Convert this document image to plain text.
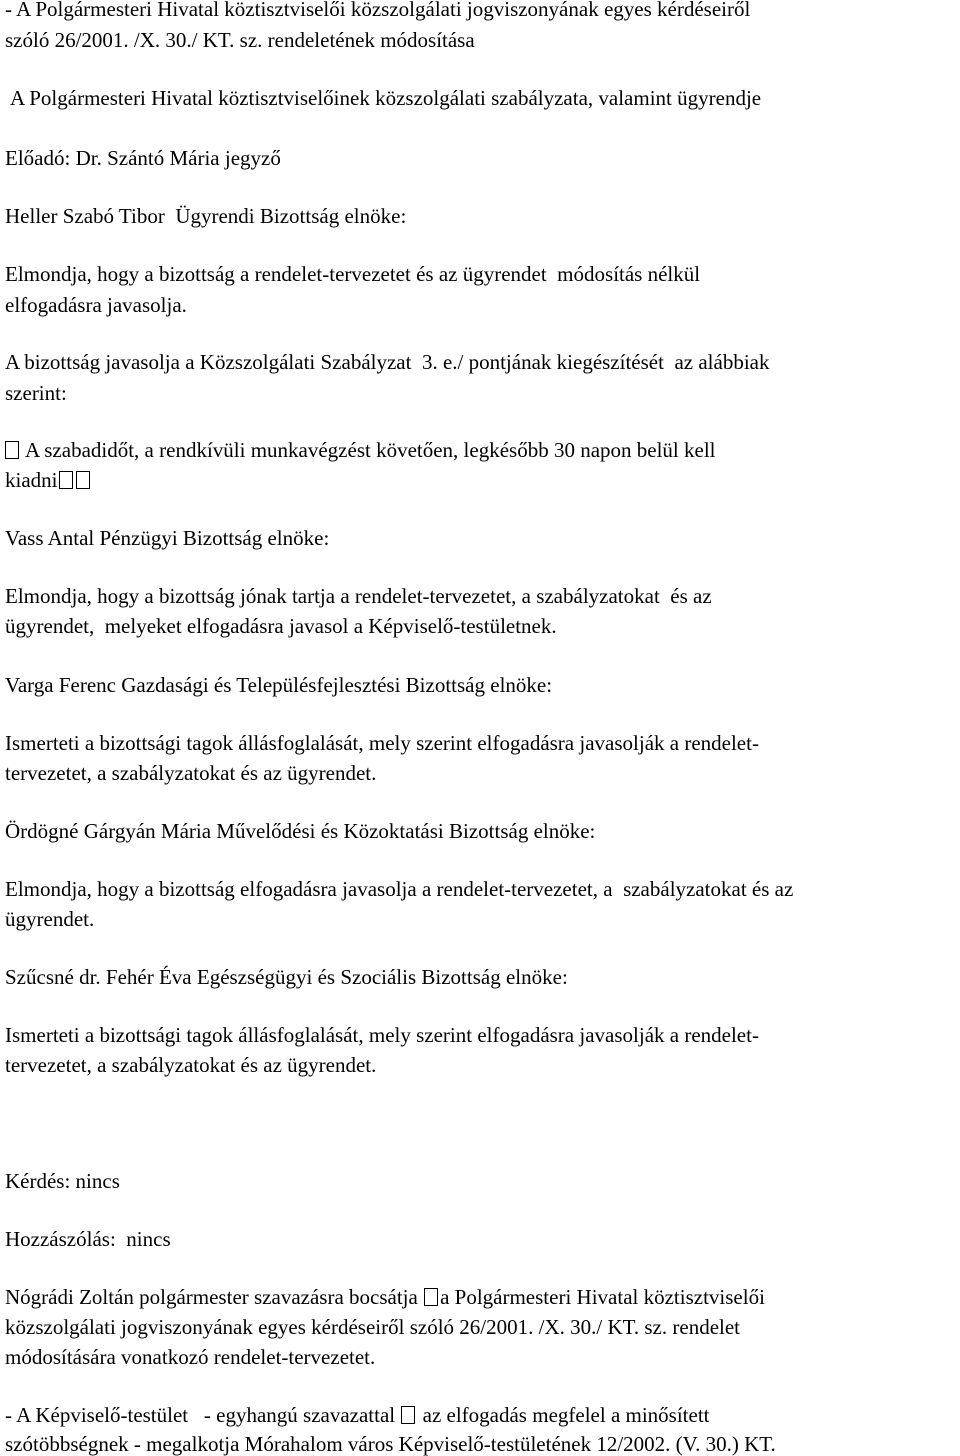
- A Polgármesteri Hivatal köztisztviselői közszolgálati jogviszonyának egyes kérdéseiről

szóló 26/2001. /X. 30./ KT. sz. rendeletének módosítása

A Polgármesteri Hivatal köztisztviselőinek közszolgálati szabályzata, valamint ügyrendje

Előadó: Dr. Szántó Mária jegyző

Heller Szabó Tibor  Ügyrendi Bizottság elnöke:

Elmondja, hogy a bizottság a rendelet-tervezetet és az ügyrendet  módosítás nélkül

elfogadásra javasolja.

A bizottság javasolja a Közszolgálati Szabályzat  3. e./ pontjának kiegészítését  az alábbiak

szerint:

A szabadidőt, a rendkívüli munkavégzést követően, legkésőbb 30 napon belül kell

kiadni

Vass Antal Pénzügyi Bizottság elnöke:

Elmondja, hogy a bizottság jónak tartja a rendelet-tervezetet, a szabályzatokat  és az

ügyrendet,  melyeket elfogadásra javasol a Képviselő-testületnek.

Varga Ferenc Gazdasági és Településfejlesztési Bizottság elnöke:

Ismerteti a bizottsági tagok állásfoglalását, mely szerint elfogadásra javasolják a rendelet-

tervezetet, a szabályzatokat és az ügyrendet.

Ördögné Gárgyán Mária Művelődési és Közoktatási Bizottság elnöke:

Elmondja, hogy a bizottság elfogadásra javasolja a rendelet-tervezetet, a  szabályzatokat és az

ügyrendet.

Szűcsné dr. Fehér Éva Egészségügyi és Szociális Bizottság elnöke:

Ismerteti a bizottsági tagok állásfoglalását, mely szerint elfogadásra javasolják a rendelet-

tervezetet, a szabályzatokat és az ügyrendet.

Kérdés: nincs

Hozzászólás:  nincs

Nógrádi Zoltán polgármester szavazásra bocsátja a Polgármesteri Hivatal köztisztviselői

közszolgálati jogviszonyának egyes kérdéseiről szóló 26/2001. /X. 30./ KT. sz. rendelet

módosítására vonatkozó rendelet-tervezetet.

- A Képviselő-testület   - egyhangú szavazattal  az elfogadás megfelel a minősített

szótöbbségnek - megalkotja Mórahalom város Képviselő-testületének 12/2002. (V. 30.) KT.
